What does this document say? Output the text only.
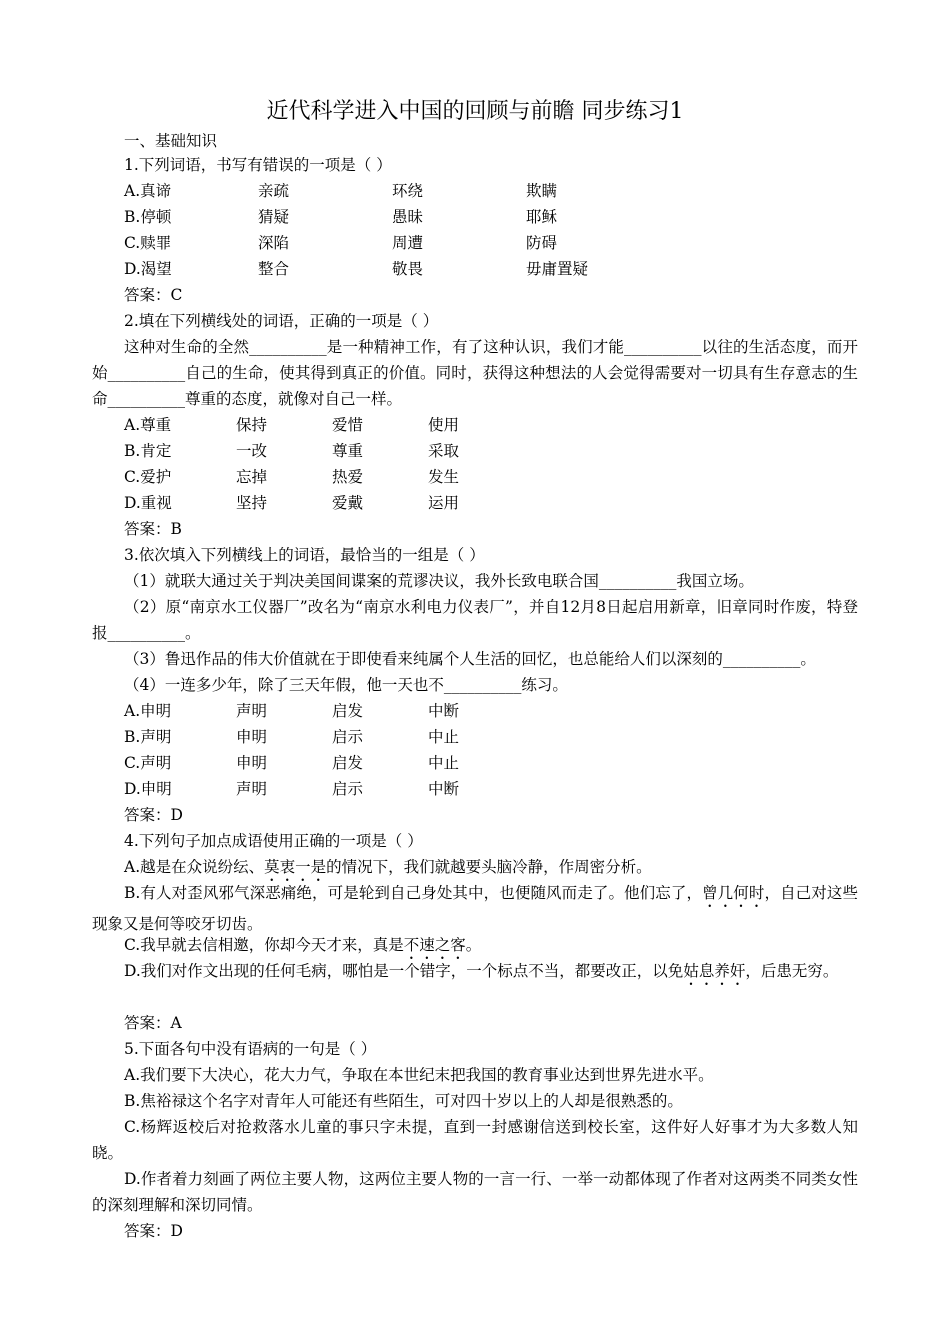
近代科学进入中国的回顾与前瞻 同步练习1
一、基础知识
1.下列词语，书写有错误的一项是（ ）
A.真谛	亲疏	环绕	欺瞒
B.停顿	猜疑	愚昧	耶稣
C.赎罪	深陷	周遭	防碍
D.渴望	整合	敬畏	毋庸置疑
答案：C
2.填在下列横线处的词语，正确的一项是（ ）
这种对生命的全然__________是一种精神工作，有了这种认识，我们才能__________以往的生活态度，而开始__________自己的生命，使其得到真正的价值。同时，获得这种想法的人会觉得需要对一切具有生存意志的生命__________尊重的态度，就像对自己一样。
A.尊重	保持	爱惜	使用
B.肯定	一改	尊重	采取
C.爱护	忘掉	热爱	发生
D.重视	坚持	爱戴	运用
答案：B
3.依次填入下列横线上的词语，最恰当的一组是（ ）
（1）就联大通过关于判决美国间谍案的荒谬决议，我外长致电联合国__________我国立场。
（2）原“南京水工仪器厂”改名为“南京水利电力仪表厂”，并自12月8日起启用新章，旧章同时作废，特登报__________。
（3）鲁迅作品的伟大价值就在于即使看来纯属个人生活的回忆，也总能给人们以深刻的__________。
（4）一连多少年，除了三天年假，他一天也不__________练习。
A.申明	声明	启发	中断
B.声明	申明	启示	中止
C.声明	申明	启发	中止
D.申明	声明	启示	中断
答案：D
4.下列句子加点成语使用正确的一项是（ ）
A.越是在众说纷纭、莫衷一是的情况下，我们就越要头脑冷静，作周密分析。
B.有人对歪风邪气深恶痛绝，可是轮到自己身处其中，也便随风而走了。他们忘了，曾几何时，自己对这些现象又是何等咬牙切齿。
C.我早就去信相邀，你却今天才来，真是不速之客。
D.我们对作文出现的任何毛病，哪怕是一个错字，一个标点不当，都要改正，以免姑息养奸，后患无穷。
答案：A
5.下面各句中没有语病的一句是（ ）
A.我们要下大决心，花大力气，争取在本世纪末把我国的教育事业达到世界先进水平。
B.焦裕禄这个名字对青年人可能还有些陌生，可对四十岁以上的人却是很熟悉的。
C.杨辉返校后对抢救落水儿童的事只字未提，直到一封感谢信送到校长室，这件好人好事才为大多数人知晓。
D.作者着力刻画了两位主要人物，这两位主要人物的一言一行、一举一动都体现了作者对这两类不同类女性的深刻理解和深切同情。
答案：D
